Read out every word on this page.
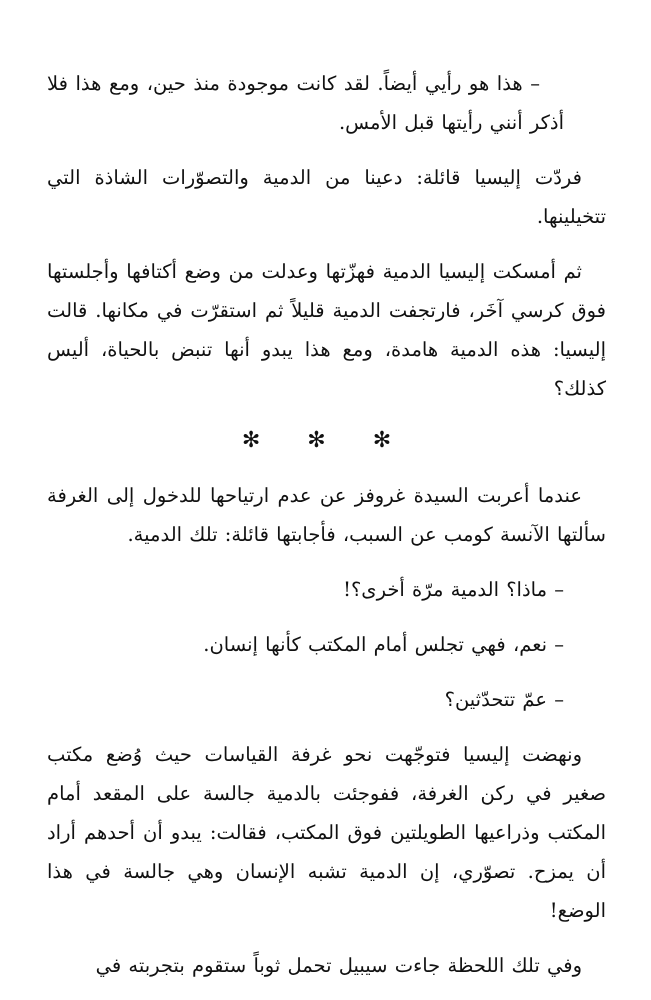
– هذا هو رأيي أيضاً. لقد كانت موجودة منذ حين، ومع هذا فلا أذكر أنني رأيتها قبل الأمس.

فردّت إليسيا قائلة: دعينا من الدمية والتصوّرات الشاذة التي تتخيلينها.

ثم أمسكت إليسيا الدمية فهزّتها وعدلت من وضع أكتافها وأجلستها فوق كرسي آخَر، فارتجفت الدمية قليلاً ثم استقرّت في مكانها. قالت إليسيا: هذه الدمية هامدة، ومع هذا يبدو أنها تنبض بالحياة، أليس كذلك؟

✻ ✻ ✻

عندما أعربت السيدة غروفز عن عدم ارتياحها للدخول إلى الغرفة سألتها الآنسة كومب عن السبب، فأجابتها قائلة: تلك الدمية.

– ماذا؟ الدمية مرّة أخرى؟!

– نعم، فهي تجلس أمام المكتب كأنها إنسان.

– عمّ تتحدّثين؟

ونهضت إليسيا فتوجّهت نحو غرفة القياسات حيث وُضع مكتب صغير في ركن الغرفة، ففوجئت بالدمية جالسة على المقعد أمام المكتب وذراعيها الطويلتين فوق المكتب، فقالت: يبدو أن أحدهم أراد أن يمزح. تصوّري، إن الدمية تشبه الإنسان وهي جالسة في هذا الوضع!

وفي تلك اللحظة جاءت سيبيل تحمل ثوباً ستقوم بتجربته في
